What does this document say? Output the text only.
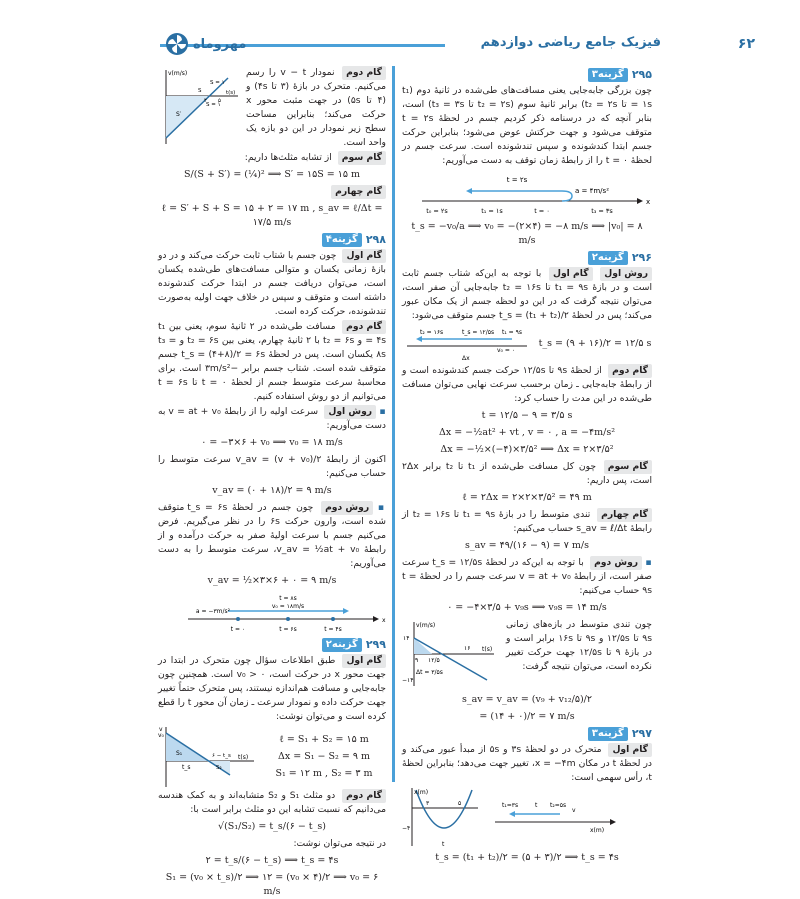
فیزیک جامع ریاضی دوازدهم	۶۲
مهروماه
۲۹۵
گزینه۳
چون بزرگی جابه‌جایی یعنی مسافت‌های طی‌شده در ثانیهٔ دوم (t₁ = ۱s تا t₂ = ۲s) برابر ثانیهٔ سوم (t₂ = ۲s تا t₃ = ۳s) است، بنابر آنچه که در درسنامه ذکر کردیم جسم در لحظهٔ t = ۲s متوقف می‌شود و جهت حرکتش عوض می‌شود؛ بنابراین حرکت جسم ابتدا کندشونده و سپس تندشونده است. سرعت جسم در لحظهٔ t = ۰ را از رابطهٔ زمان توقف به دست می‌آوریم:
t = ۲s
a = ۴m/s²
x
t₀ = ۲s	t₁ = ۱s	t = ۰	t₃ = ۳s
t_s = −v₀/a ⟹ v₀ = −(۲×۴) = −۸ m/s ⟹ |v₀| = ۸ m/s
۲۹۶
گزینه۲
روش اول گام اول با توجه به این‌که شتاب جسم ثابت است و در بازهٔ t₁ = ۹s تا t₂ = ۱۶s جابه‌جایی آن صفر است، می‌توان نتیجه گرفت که در این دو لحظه جسم از یک مکان عبور می‌کند؛ پس در لحظهٔ t_s = (t₁ + t₂)/۲ جسم متوقف می‌شود:
t₂ = ۱۶s	t_s = ۱۲/۵s t₁ = ۹s
v₀ = ۰
Δx
t_s = (۹ + ۱۶)/۲ = ۱۲/۵ s
گام دوم از لحظهٔ ۹s تا ۱۲/۵s حرکت جسم کندشونده است و از رابطهٔ جابه‌جایی ـ زمان برحسب سرعت نهایی می‌توان مسافت طی‌شده در این مدت را حساب کرد:
t = ۱۲/۵ − ۹ = ۳/۵ s
Δx = −½at² + vt , v = ۰ , a = −۴m/s²
Δx = −½×(−۴)×۳/۵² ⟹ Δx = ۲×۳/۵²
گام سوم چون کل مسافت طی‌شده از t₁ تا t₂ برابر ۲Δx است، پس داریم:
ℓ = ۲Δx = ۲×۲×۳/۵² = ۴۹ m
گام چهارم تندی متوسط را در بازهٔ t₁ = ۹s تا t₂ = ۱۶s از رابطهٔ s_av = ℓ/Δt حساب می‌کنیم:
s_av = ۴۹/(۱۶ − ۹) = ۷ m/s
▪ روش دوم با توجه به این‌که در لحظهٔ t_s = ۱۲/۵s سرعت صفر است، از رابطهٔ v = at + v₀ سرعت جسم را در لحظهٔ t = ۹s حساب می‌کنیم:
۰ = −۴×۳/۵ + v₉s ⟹ v₉s = ۱۴ m/s
چون تندی متوسط در بازه‌های زمانی ۹s تا ۱۲/۵s و ۹s تا ۱۶s برابر است و در بازهٔ ۹ تا ۱۲/۵s جهت حرکت تغییر نکرده است، می‌توان نتیجه گرفت:
v(m/s)
۱۴
۹ ۱۲/۵
۱۶ t(s)
−۱۴
Δt = ۳/۵s
s_av = v_av = (v₉ + v₁₂/۵)/۲
= (۱۴ + ۰)/۲ = ۷ m/s
۲۹۷
گزینه۳
گام اول متحرک در دو لحظهٔ ۳s و ۵s از مبدأ عبور می‌کند و در لحظهٔ t در مکان x = −۴m، تغییر جهت می‌دهد؛ بنابراین لحظهٔ t، رأس سهمی است:
x(m)
۳	۵
t
−۴
t₁=۳s	t t₂=۵s
v
x(m)
t_s = (t₁ + t₂)/۲ = (۵ + ۳)/۲ ⟹ t_s = ۴s
گام دوم نمودار v − t را رسم می‌کنیم. متحرک در بازهٔ (۳ تا ۴s) و (۴ تا ۵s) در جهت مثبت محور x حرکت می‌کند؛ بنابراین مساحت سطح زیر نمودار در این دو بازه یک واحد است.
v(m/s)
S = ۱
S
S′
S = ۱
۴ ۵
t(s)
گام سوم از تشابه مثلث‌ها داریم:
S/(S + S′) = (¼)² ⟹ S′ = ۱۵S = ۱۵ m
گام چهارم
ℓ = S′ + S + S = ۱۵ + ۲ = ۱۷ m , s_av = ℓ/Δt = ۱۷/۵ m/s
۲۹۸
گزینه۴
گام اول چون جسم با شتاب ثابت حرکت می‌کند و در دو بازهٔ زمانی یکسان و متوالی مسافت‌های طی‌شده یکسان است، می‌توان دریافت جسم در ابتدا حرکت کندشونده داشته است و متوقف و سپس در خلاف جهت اولیه به‌صورت تندشونده، حرکت کرده است.
گام دوم مسافت طی‌شده در ۲ ثانیهٔ سوم، یعنی بین t₁ = ۴s و t₂ = ۶s با ۲ ثانیهٔ چهارم، یعنی بین t₂ = ۶s و t₃ = ۸s یکسان است. پس در لحظهٔ t_s = (۴+۸)/۲ = ۶s جسم متوقف شده است. شتاب جسم برابر −۳m/s² است. برای محاسبهٔ سرعت متوسط جسم از لحظهٔ t = ۰ تا t = ۶s می‌توانیم از دو روش استفاده کنیم.
▪ روش اول سرعت اولیه را از رابطهٔ v = at + v₀ به دست می‌آوریم:
۰ = −۳×۶ + v₀ ⟹ v₀ = ۱۸ m/s
اکنون از رابطهٔ v_av = (v + v₀)/۲ سرعت متوسط را حساب می‌کنیم:
v_av = (۰ + ۱۸)/۲ = ۹ m/s
▪ روش دوم چون جسم در لحظهٔ t_s = ۶s متوقف شده است، وارون حرکت ۶s را در نظر می‌گیریم. فرض می‌کنیم جسم با سرعت اولیهٔ صفر به حرکت درآمده و از رابطهٔ v_av = ½at + v₀، سرعت متوسط را به دست می‌آوریم:
v_av = ½×۳×۶ + ۰ = ۹ m/s
t = ۸s
a = −۳m/s²
v₀ = ۱۸m/s
x
t = ۰	t = ۴s
t = ۶s
۲۹۹
گزینه۲
گام اول طبق اطلاعات سؤال چون متحرک در ابتدا در جهت محور x در حرکت است، v₀ > ۰ است. همچنین چون جابه‌جایی و مسافت هم‌اندازه نیستند، پس متحرک حتماً تغییر جهت حرکت داده و نمودار سرعت ـ زمان آن محور t را قطع کرده است و می‌توان نوشت:
v
v₀
S₁
S₂
۶ − t_s
t_s
t(s)
ℓ = S₁ + S₂ = ۱۵ m
Δx = S₁ − S₂ = ۹ m
S₁ = ۱۲ m , S₂ = ۳ m
گام دوم دو مثلث S₁ و S₂ متشابه‌اند و به کمک هندسه می‌دانیم که نسبت تشابه این دو مثلث برابر است با:
√(S₁/S₂) = t_s/(۶ − t_s)
در نتیجه می‌توان نوشت:
۲ = t_s/(۶ − t_s) ⟹ t_s = ۴s
S₁ = (v₀ × t_s)/۲ ⟹ ۱۲ = (v₀ × ۴)/۲ ⟹ v₀ = ۶ m/s
